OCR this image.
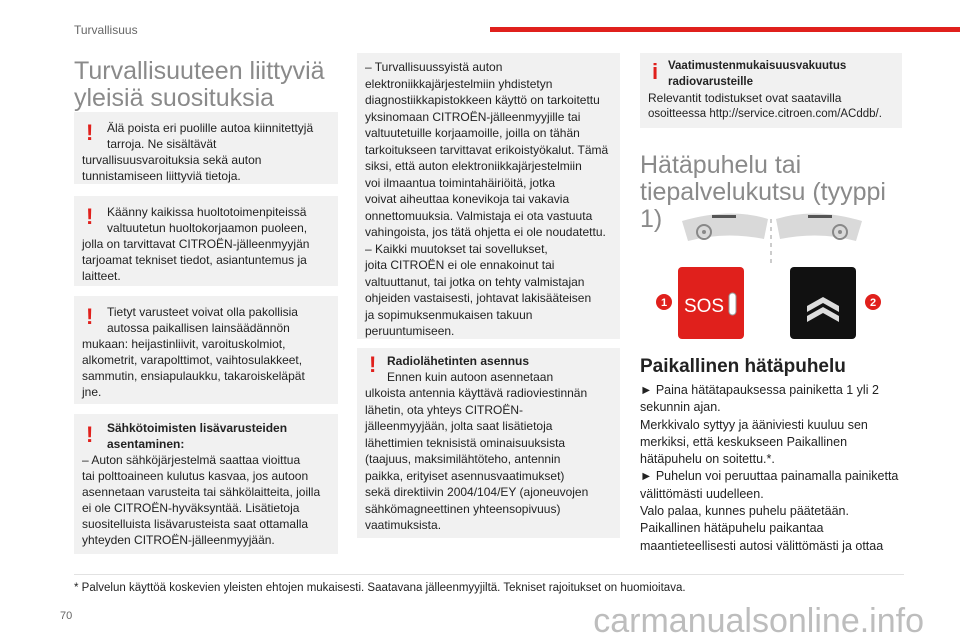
Turvallisuus
Turvallisuuteen liittyviä
yleisiä suosituksia
! Älä poista eri puolille autoa kiinnitettyjä
tarroja. Ne sisältävät
turvallisuusvaroituksia sekä auton
tunnistamiseen liittyviä tietoja.
! Käänny kaikissa huoltotoimenpiteissä
valtuutetun huoltokorjaamon puoleen,
jolla on tarvittavat CITROËN-jälleenmyyjän
tarjoamat tekniset tiedot, asiantuntemus ja
laitteet.
! Tietyt varusteet voivat olla pakollisia
autossa paikallisen lainsäädännön
mukaan: heijastinliivit, varoituskolmiot,
alkometrit, varapolttimot, vaihtosulakkeet,
sammutin, ensiapulaukku, takaroiskeläpät
jne.
! Sähkötoimisten lisävarusteiden
asentaminen:
– Auton sähköjärjestelmä saattaa vioittua
tai polttoaineen kulutus kasvaa, jos autoon
asennetaan varusteita tai sähkölaitteita, joilla
ei ole CITROËN-hyväksyntää. Lisätietoja
suositelluista lisävarusteista saat ottamalla
yhteyden CITROËN-jälleenmyyjään.
– Turvallisuussyistä auton
elektroniikkajärjestelmiin yhdistetyn
diagnostiikkapistokkeen käyttö on tarkoitettu
yksinomaan CITROËN-jälleenmyyjille tai
valtuutetuille korjaamoille, joilla on tähän
tarkoitukseen tarvittavat erikoistyökalut. Tämä
siksi, että auton elektroniikkajärjestelmiin
voi ilmaantua toimintahäiriöitä, jotka
voivat aiheuttaa konevikoja tai vakavia
onnettomuuksia. Valmistaja ei ota vastuuta
vahingoista, jos tätä ohjetta ei ole noudatettu.
– Kaikki muutokset tai sovellukset,
joita CITROËN ei ole ennakoinut tai
valtuuttanut, tai jotka on tehty valmistajan
ohjeiden vastaisesti, johtavat lakisääteisen
ja sopimuksenmukaisen takuun
peruuntumiseen.
! Radiolähetinten asennus
Ennen kuin autoon asennetaan
ulkoista antennia käyttävä radioviestinnän
lähetin, ota yhteys CITROËN-
jälleenmyyjään, jolta saat lisätietoja
lähettimien teknisistä ominaisuuksista
(taajuus, maksimilähtöteho, antennin
paikka, erityiset asennusvaatimukset)
sekä direktiivin 2004/104/EY (ajoneuvojen
sähkömagneettinen yhteensopivuus)
vaatimuksista.
i Vaatimustenmukaisuusvakuutus
radiovarusteille
Relevantit todistukset ovat saatavilla
osoitteessa http://service.citroen.com/ACddb/.
Hätäpuhelu tai
tiepalvelukutsu (tyyppi 1)
SOS
1	2
Paikallinen hätäpuhelu
► Paina hätätapauksessa painiketta 1 yli 2
sekunnin ajan.
Merkkivalo syttyy ja ääniviesti kuuluu sen
merkiksi, että keskukseen Paikallinen
hätäpuhelu on soitettu.*.
► Puhelun voi peruuttaa painamalla painiketta
välittömästi uudelleen.
Valo palaa, kunnes puhelu päätetään.
Paikallinen hätäpuhelu paikantaa
maantieteellisesti autosi välittömästi ja ottaa
* Palvelun käyttöä koskevien yleisten ehtojen mukaisesti. Saatavana jälleenmyyjiltä. Tekniset rajoitukset on huomioitava.
70	carmanualsonline.info
